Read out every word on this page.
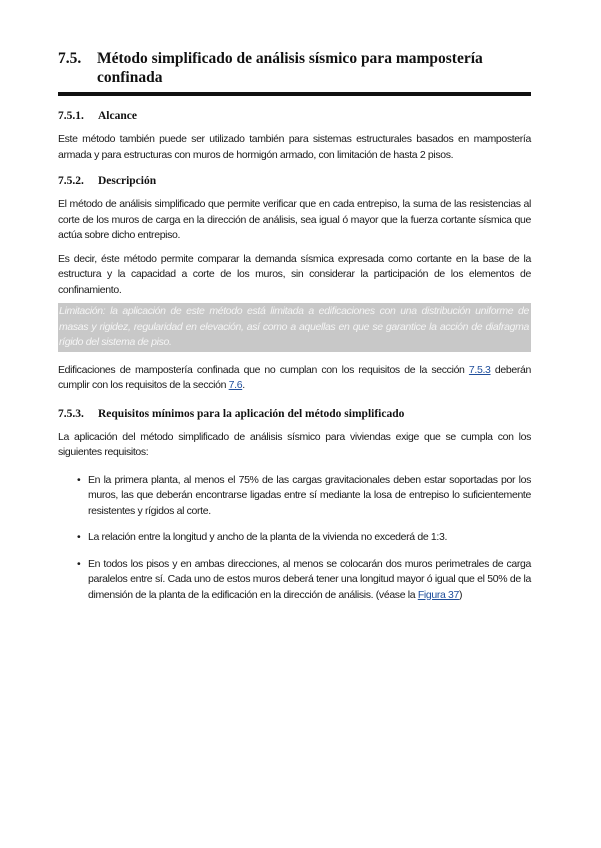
7.5.	Método simplificado de análisis sísmico para mampostería confinada
7.5.1.	Alcance

Este método también puede ser utilizado también para sistemas estructurales basados en mampostería armada y para estructuras con muros de hormigón armado, con limitación de hasta 2 pisos.

7.5.2.	Descripción

El método de análisis simplificado que permite verificar que en cada entrepiso, la suma de las resistencias al corte de los muros de carga en la dirección de análisis, sea igual ó mayor que la fuerza cortante sísmica que actúa sobre dicho entrepiso.

Es decir, éste método permite comparar la demanda sísmica expresada como cortante en la base de la estructura y la capacidad a corte de los muros, sin considerar la participación de los elementos de confinamiento.

Limitación: la aplicación de este método está limitada a edificaciones con una distribución uniforme de masas y rigidez, regularidad en elevación, así como a aquellas en que se garantice la acción de diafragma rígido del sistema de piso.

Edificaciones de mampostería confinada que no cumplan con los requisitos de la sección 7.5.3 deberán cumplir con los requisitos de la sección 7.6.

7.5.3.	Requisitos mínimos para la aplicación del método simplificado

La aplicación del método simplificado de análisis sísmico para viviendas exige que se cumpla con los siguientes requisitos:

• En la primera planta, al menos el 75% de las cargas gravitacionales deben estar soportadas por los muros, las que deberán encontrarse ligadas entre sí mediante la losa de entrepiso lo suficientemente resistentes y rígidos al corte.
• La relación entre la longitud y ancho de la planta de la vivienda no excederá de 1:3.
• En todos los pisos y en ambas direcciones, al menos se colocarán dos muros perimetrales de carga paralelos entre sí. Cada uno de estos muros deberá tener una longitud mayor ó igual que el 50% de la dimensión de la planta de la edificación en la dirección de análisis. (véase la Figura 37)
